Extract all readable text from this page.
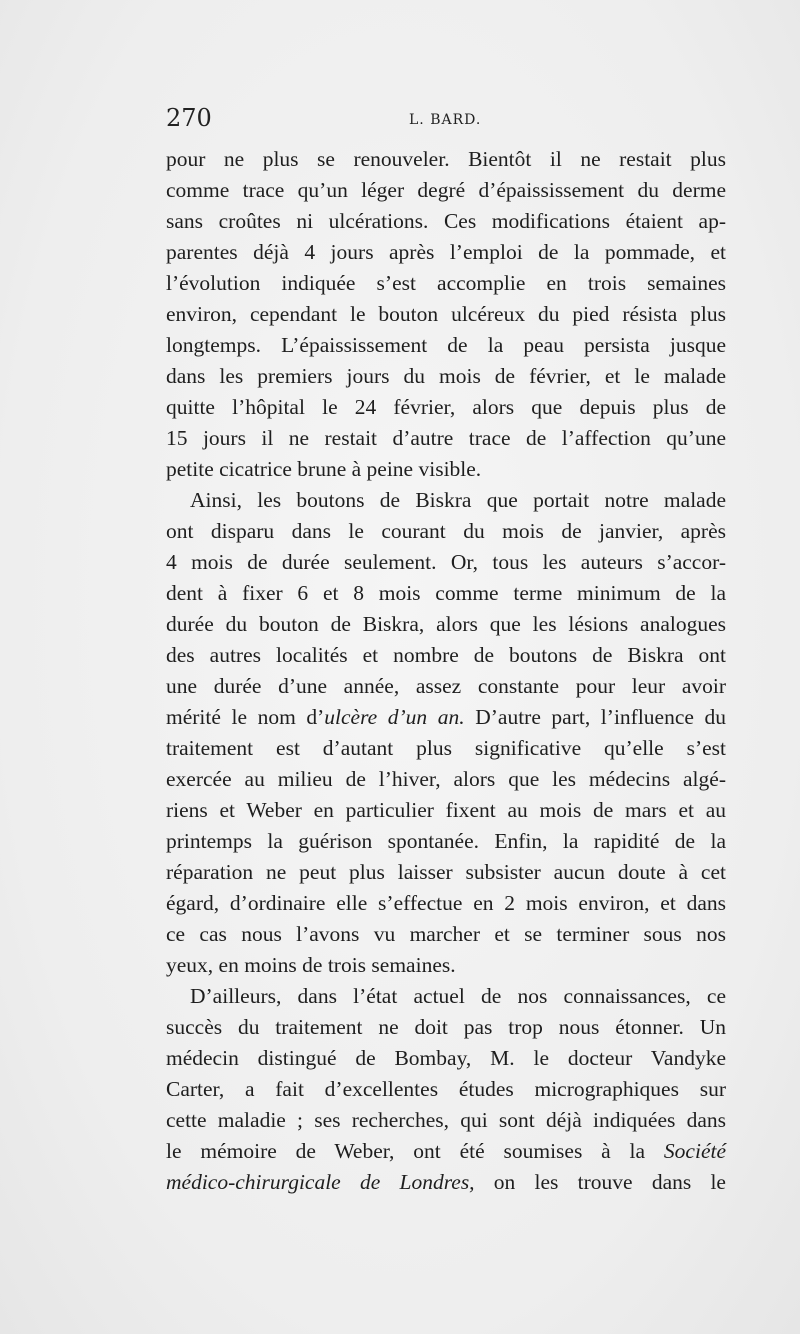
270	L. BARD.
pour ne plus se renouveler. Bientôt il ne restait plus
comme trace qu’un léger degré d’épaississement du derme
sans croûtes ni ulcérations. Ces modifications étaient ap-
parentes déjà 4 jours après l’emploi de la pommade, et
l’évolution indiquée s’est accomplie en trois semaines
environ, cependant le bouton ulcéreux du pied résista plus
longtemps. L’épaississement de la peau persista jusque
dans les premiers jours du mois de février, et le malade
quitte l’hôpital le 24 février, alors que depuis plus de
15 jours il ne restait d’autre trace de l’affection qu’une
petite cicatrice brune à peine visible.
Ainsi, les boutons de Biskra que portait notre malade
ont disparu dans le courant du mois de janvier, après
4 mois de durée seulement. Or, tous les auteurs s’accor-
dent à fixer 6 et 8 mois comme terme minimum de la
durée du bouton de Biskra, alors que les lésions analogues
des autres localités et nombre de boutons de Biskra ont
une durée d’une année, assez constante pour leur avoir
mérité le nom d’ulcère d’un an. D’autre part, l’influence du
traitement est d’autant plus significative qu’elle s’est
exercée au milieu de l’hiver, alors que les médecins algé-
riens et Weber en particulier fixent au mois de mars et au
printemps la guérison spontanée. Enfin, la rapidité de la
réparation ne peut plus laisser subsister aucun doute à cet
égard, d’ordinaire elle s’effectue en 2 mois environ, et dans
ce cas nous l’avons vu marcher et se terminer sous nos
yeux, en moins de trois semaines.
D’ailleurs, dans l’état actuel de nos connaissances, ce
succès du traitement ne doit pas trop nous étonner. Un
médecin distingué de Bombay, M. le docteur Vandyke
Carter, a fait d’excellentes études micrographiques sur
cette maladie ; ses recherches, qui sont déjà indiquées dans
le mémoire de Weber, ont été soumises à la Société
médico-chirurgicale de Londres, on les trouve dans le
